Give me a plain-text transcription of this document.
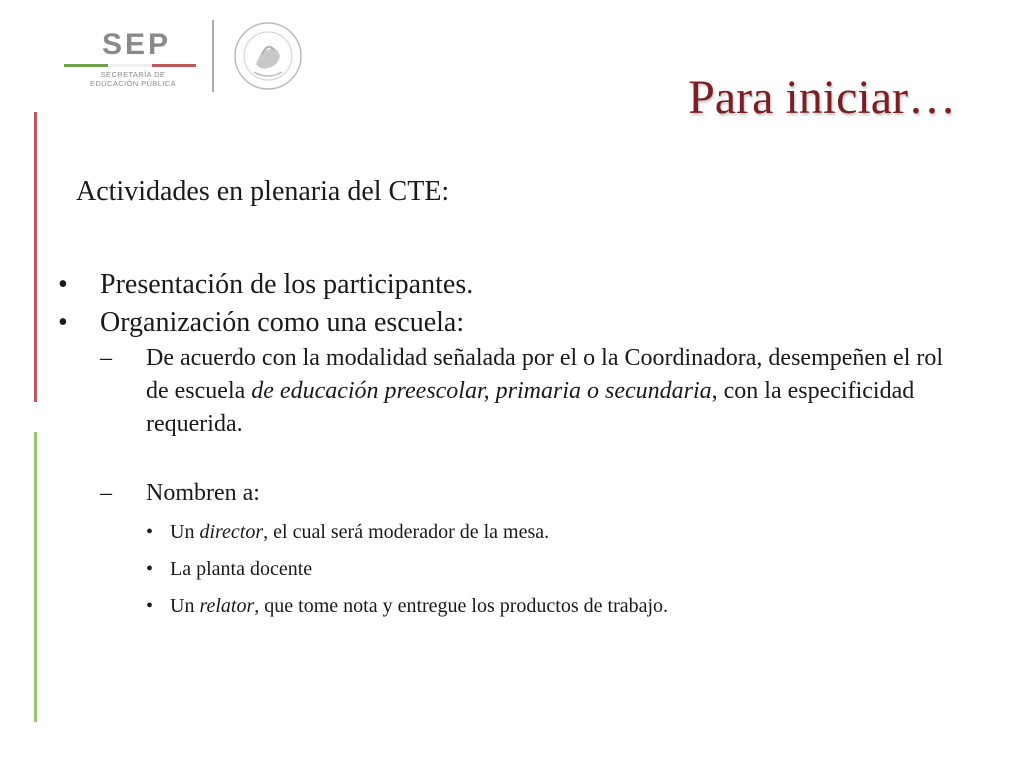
SEP
SECRETARÍA DE
EDUCACIÓN PÚBLICA	Para iniciar…

Actividades en plenaria del CTE:

• Presentación de los participantes.
• Organización como una escuela:
– De acuerdo con la modalidad señalada por el o la Coordinadora, desempeñen el rol de escuela de educación preescolar, primaria o secundaria, con la especificidad requerida.
– Nombren a:
• Un director, el cual será moderador de la mesa.
• La planta docente
• Un relator, que tome nota y entregue los productos de trabajo.
